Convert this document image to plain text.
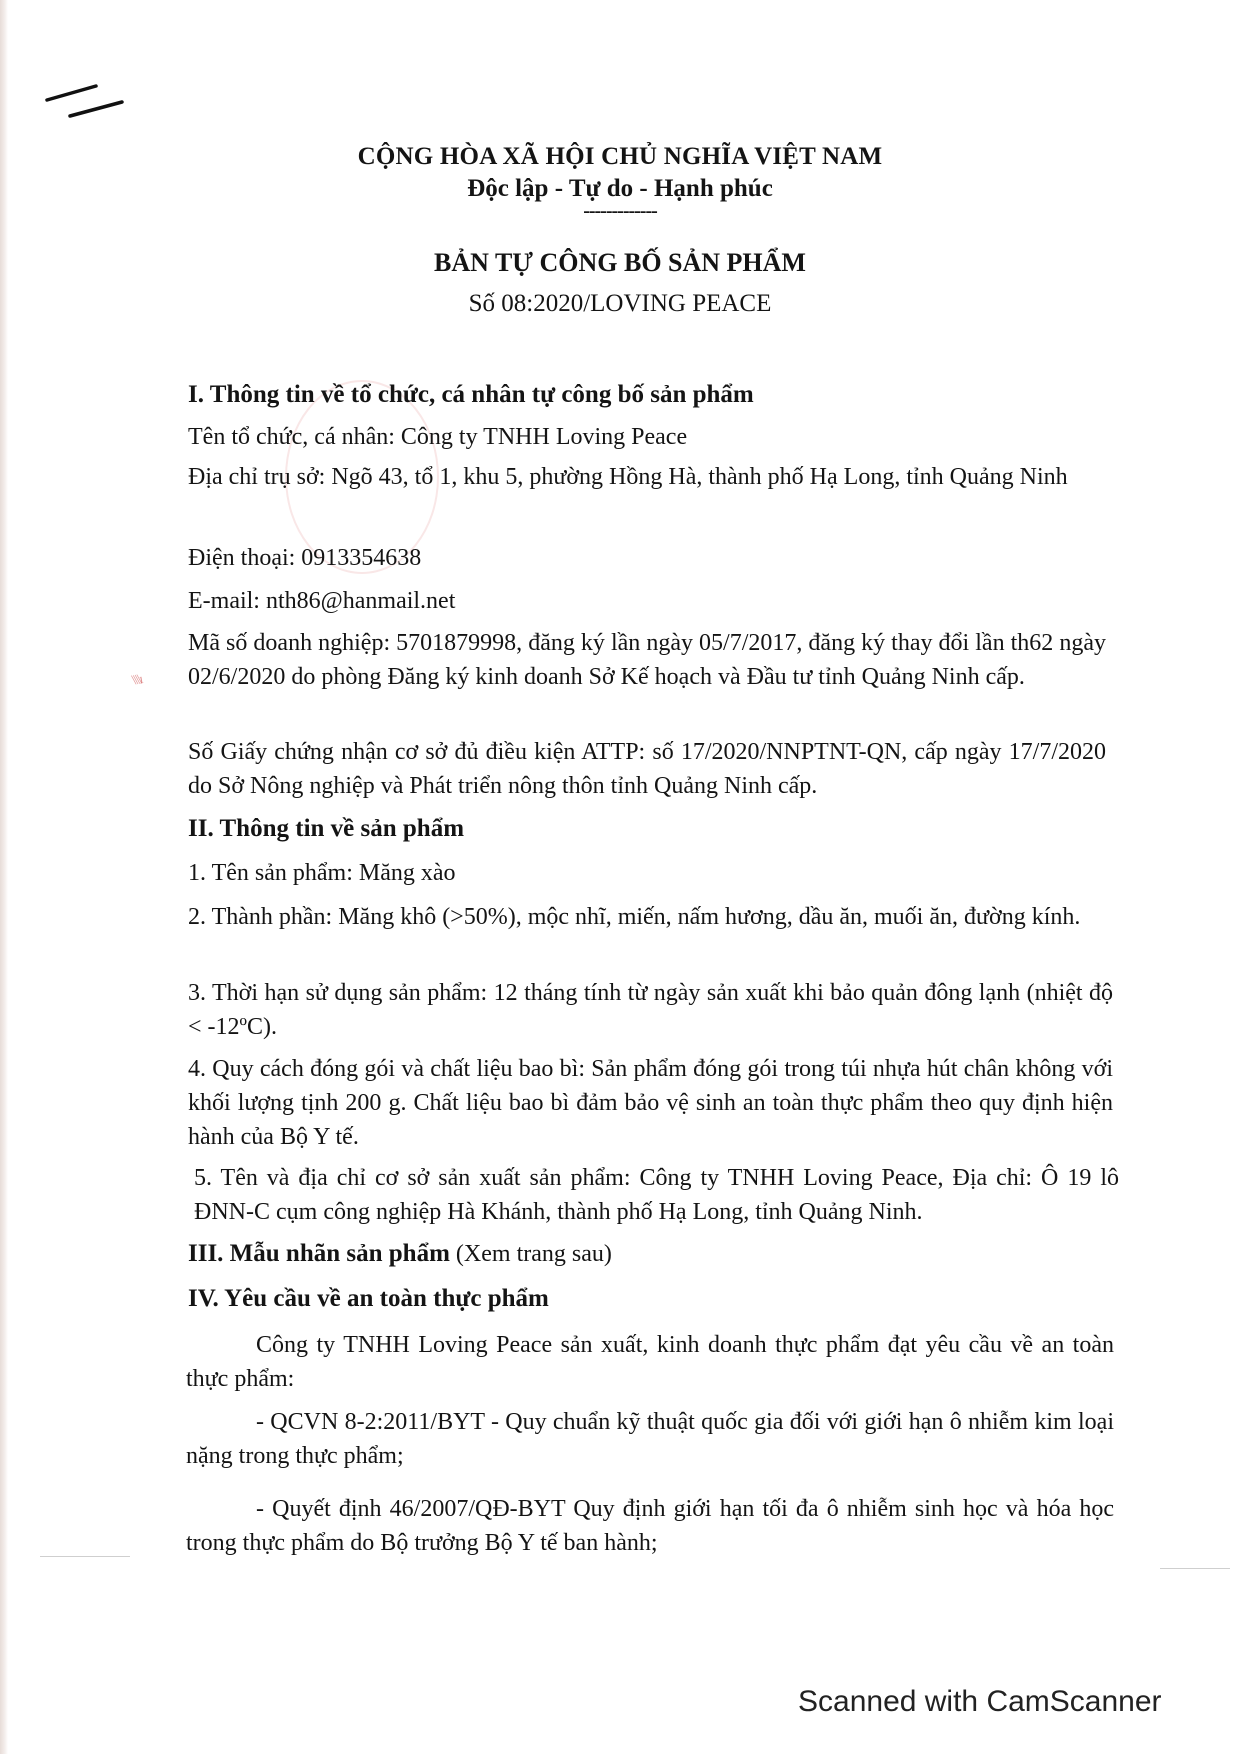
\\\\ı
CỘNG HÒA XÃ HỘI CHỦ NGHĨA VIỆT NAM
Độc lập - Tự do - Hạnh phúc
-------------
BẢN TỰ CÔNG BỐ SẢN PHẨM
Số 08:2020/LOVING PEACE
I. Thông tin về tổ chức, cá nhân tự công bố sản phẩm
Tên tổ chức, cá nhân: Công ty TNHH Loving Peace
Địa chỉ trụ sở: Ngõ 43, tổ 1, khu 5, phường Hồng Hà, thành phố Hạ Long, tỉnh Quảng Ninh
Điện thoại: 0913354638
E-mail: nth86@hanmail.net
Mã số doanh nghiệp: 5701879998, đăng ký lần ngày 05/7/2017, đăng ký thay đổi lần th62 ngày 02/6/2020 do phòng Đăng ký kinh doanh Sở Kế hoạch và Đầu tư tỉnh Quảng Ninh cấp.
Số Giấy chứng nhận cơ sở đủ điều kiện ATTP: số 17/2020/NNPTNT-QN, cấp ngày 17/7/2020 do Sở Nông nghiệp và Phát triển nông thôn tỉnh Quảng Ninh cấp.
II. Thông tin về sản phẩm
1. Tên sản phẩm: Măng xào
2. Thành phần: Măng khô (>50%), mộc nhĩ, miến, nấm hương, dầu ăn, muối ăn, đường kính.
3. Thời hạn sử dụng sản phẩm: 12 tháng tính từ ngày sản xuất khi bảo quản đông lạnh (nhiệt độ < -12ºC).
4. Quy cách đóng gói và chất liệu bao bì: Sản phẩm đóng gói trong túi nhựa hút chân không với khối lượng tịnh 200 g. Chất liệu bao bì đảm bảo vệ sinh an toàn thực phẩm theo quy định hiện hành của Bộ Y tế.
5. Tên và địa chỉ cơ sở sản xuất sản phẩm: Công ty TNHH Loving Peace, Địa chỉ: Ô 19 lô ĐNN-C cụm công nghiệp Hà Khánh, thành phố Hạ Long, tỉnh Quảng Ninh.
III. Mẫu nhãn sản phẩm (Xem trang sau)
IV. Yêu cầu về an toàn thực phẩm
Công ty TNHH Loving Peace sản xuất, kinh doanh thực phẩm đạt yêu cầu về an toàn thực phẩm:
- QCVN 8-2:2011/BYT - Quy chuẩn kỹ thuật quốc gia đối với giới hạn ô nhiễm kim loại nặng trong thực phẩm;
- Quyết định 46/2007/QĐ-BYT Quy định giới hạn tối đa ô nhiễm sinh học và hóa học trong thực phẩm do Bộ trưởng Bộ Y tế ban hành;
Scanned with CamScanner
